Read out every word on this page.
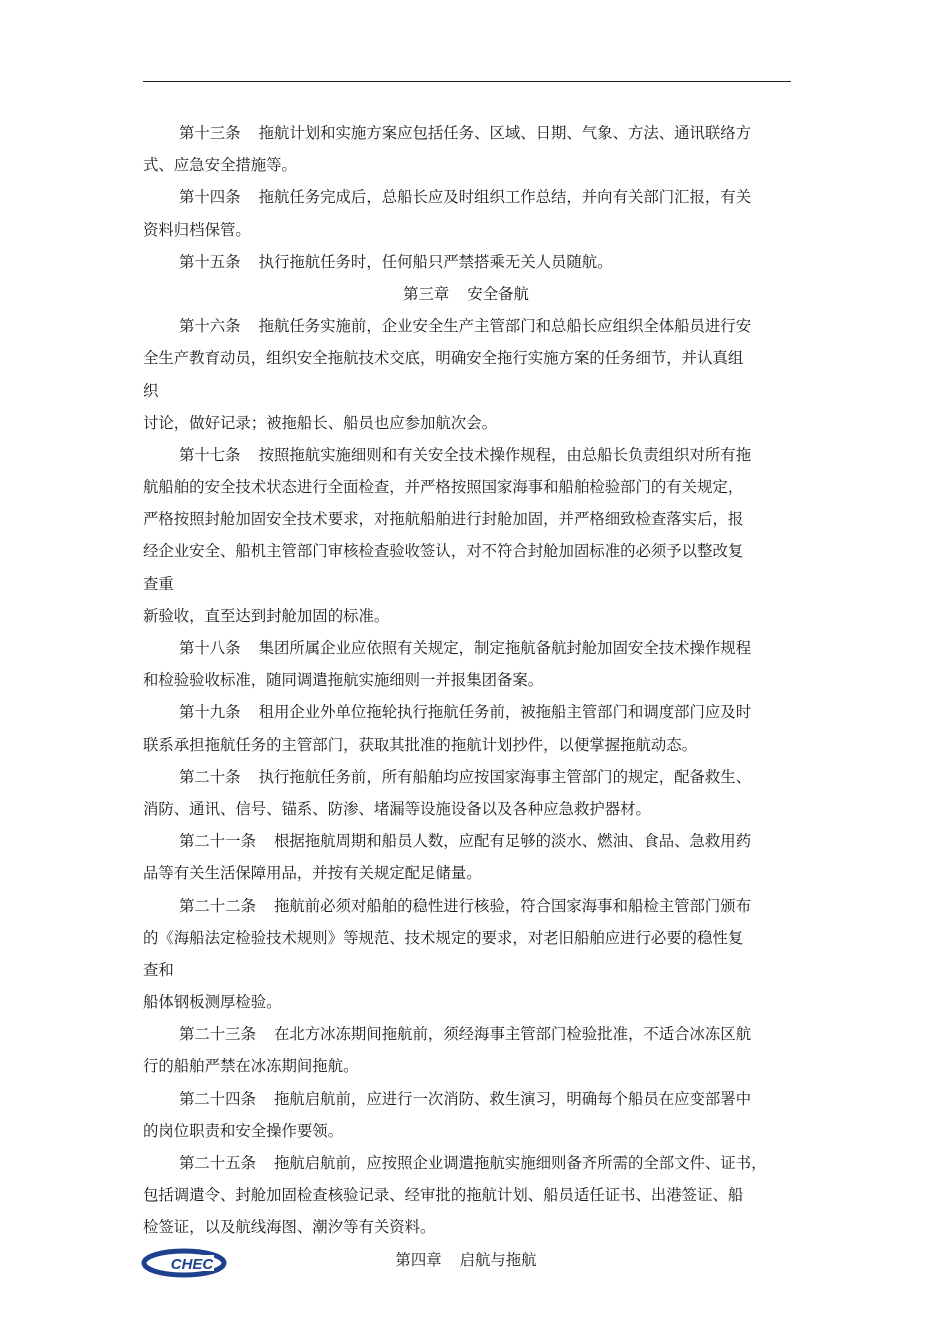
第十三条 拖航计划和实施方案应包括任务、区域、日期、气象、方法、通讯联络方
式、应急安全措施等。
第十四条 拖航任务完成后，总船长应及时组织工作总结，并向有关部门汇报，有关
资料归档保管。
第十五条 执行拖航任务时，任何船只严禁搭乘无关人员随航。
第三章 安全备航
第十六条 拖航任务实施前，企业安全生产主管部门和总船长应组织全体船员进行安
全生产教育动员，组织安全拖航技术交底，明确安全拖行实施方案的任务细节，并认真组
织
讨论，做好记录；被拖船长、船员也应参加航次会。
第十七条 按照拖航实施细则和有关安全技术操作规程，由总船长负责组织对所有拖
航船舶的安全技术状态进行全面检查，并严格按照国家海事和船舶检验部门的有关规定，
严格按照封舱加固安全技术要求，对拖航船舶进行封舱加固，并严格细致检查落实后，报
经企业安全、船机主管部门审核检查验收签认，对不符合封舱加固标准的必须予以整改复
查重
新验收，直至达到封舱加固的标准。
第十八条 集团所属企业应依照有关规定，制定拖航备航封舱加固安全技术操作规程
和检验验收标准，随同调遣拖航实施细则一并报集团备案。
第十九条 租用企业外单位拖轮执行拖航任务前，被拖船主管部门和调度部门应及时
联系承担拖航任务的主管部门，获取其批准的拖航计划抄件，以便掌握拖航动态。
第二十条 执行拖航任务前，所有船舶均应按国家海事主管部门的规定，配备救生、
消防、通讯、信号、锚系、防渗、堵漏等设施设备以及各种应急救护器材。
第二十一条 根据拖航周期和船员人数，应配有足够的淡水、燃油、食品、急救用药
品等有关生活保障用品，并按有关规定配足储量。
第二十二条 拖航前必须对船舶的稳性进行核验，符合国家海事和船检主管部门颁布
的《海船法定检验技术规则》等规范、技术规定的要求，对老旧船舶应进行必要的稳性复
查和
船体钢板测厚检验。
第二十三条 在北方冰冻期间拖航前，须经海事主管部门检验批准，不适合冰冻区航
行的船舶严禁在冰冻期间拖航。
第二十四条 拖航启航前，应进行一次消防、救生演习，明确每个船员在应变部署中
的岗位职责和安全操作要领。
第二十五条 拖航启航前，应按照企业调遣拖航实施细则备齐所需的全部文件、证书，
包括调遣令、封舱加固检查核验记录、经审批的拖航计划、船员适任证书、出港签证、船
检签证，以及航线海图、潮汐等有关资料。
第四章 启航与拖航
CHEC
